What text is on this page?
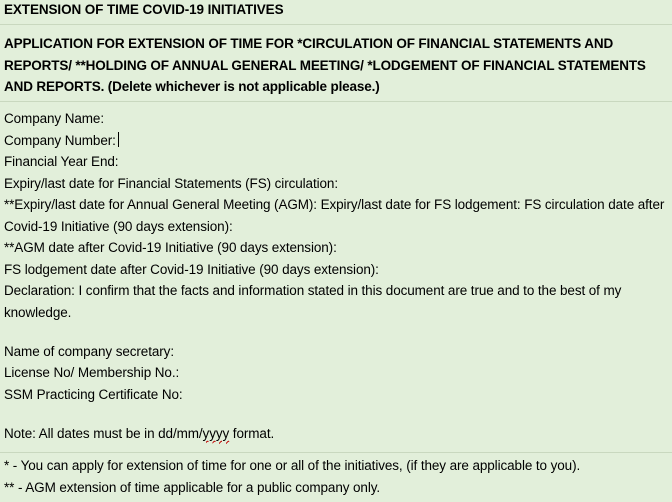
EXTENSION OF TIME COVID-19 INITIATIVES
APPLICATION FOR EXTENSION OF TIME FOR *CIRCULATION OF FINANCIAL STATEMENTS AND REPORTS/ **HOLDING OF ANNUAL GENERAL MEETING/ *LODGEMENT OF FINANCIAL STATEMENTS AND REPORTS. (Delete whichever is not applicable please.)
Company Name:
Company Number:
Financial Year End:
Expiry/last date for Financial Statements (FS) circulation:
**Expiry/last date for Annual General Meeting (AGM): Expiry/last date for FS lodgement: FS circulation date after Covid-19 Initiative (90 days extension):
**AGM date after Covid-19 Initiative (90 days extension):
FS lodgement date after Covid-19 Initiative (90 days extension):
Declaration: I confirm that the facts and information stated in this document are true and to the best of my knowledge.
Name of company secretary:
License No/ Membership No.:
SSM Practicing Certificate No:
Note: All dates must be in dd/mm/yyyy format.
* - You can apply for extension of time for one or all of the initiatives, (if they are applicable to you).
** - AGM extension of time applicable for a public company only.
